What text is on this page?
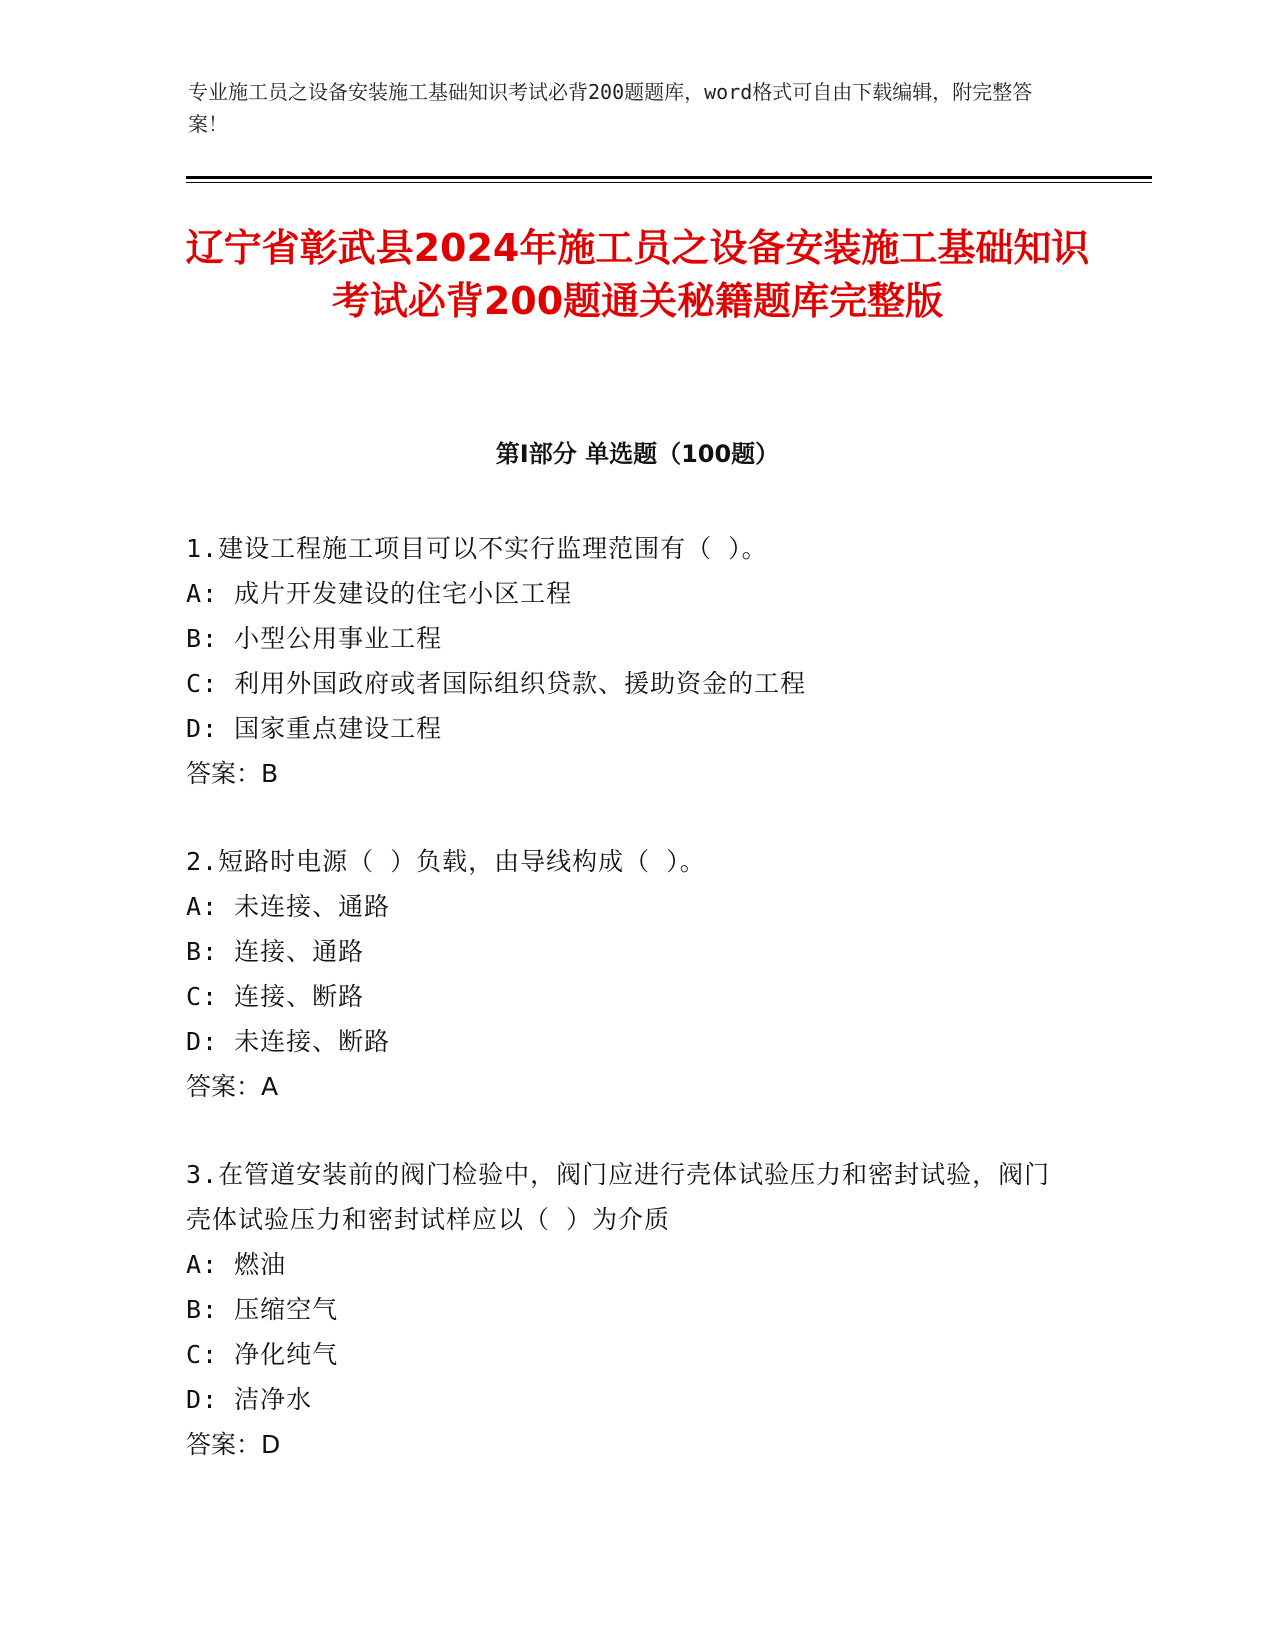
专业施工员之设备安装施工基础知识考试必背200题题库，word格式可自由下载编辑，附完整答案！
辽宁省彰武县2024年施工员之设备安装施工基础知识考试必背200题通关秘籍题库完整版
第I部分 单选题（100题）
1.建设工程施工项目可以不实行监理范围有（ ）。
A: 成片开发建设的住宅小区工程
B: 小型公用事业工程
C: 利用外国政府或者国际组织贷款、援助资金的工程
D: 国家重点建设工程
答案：B
2.短路时电源（ ）负载，由导线构成（ ）。
A: 未连接、通路
B: 连接、通路
C: 连接、断路
D: 未连接、断路
答案：A
3.在管道安装前的阀门检验中，阀门应进行壳体试验压力和密封试验，阀门壳体试验压力和密封试样应以（ ）为介质
A: 燃油
B: 压缩空气
C: 净化纯气
D: 洁净水
答案：D
